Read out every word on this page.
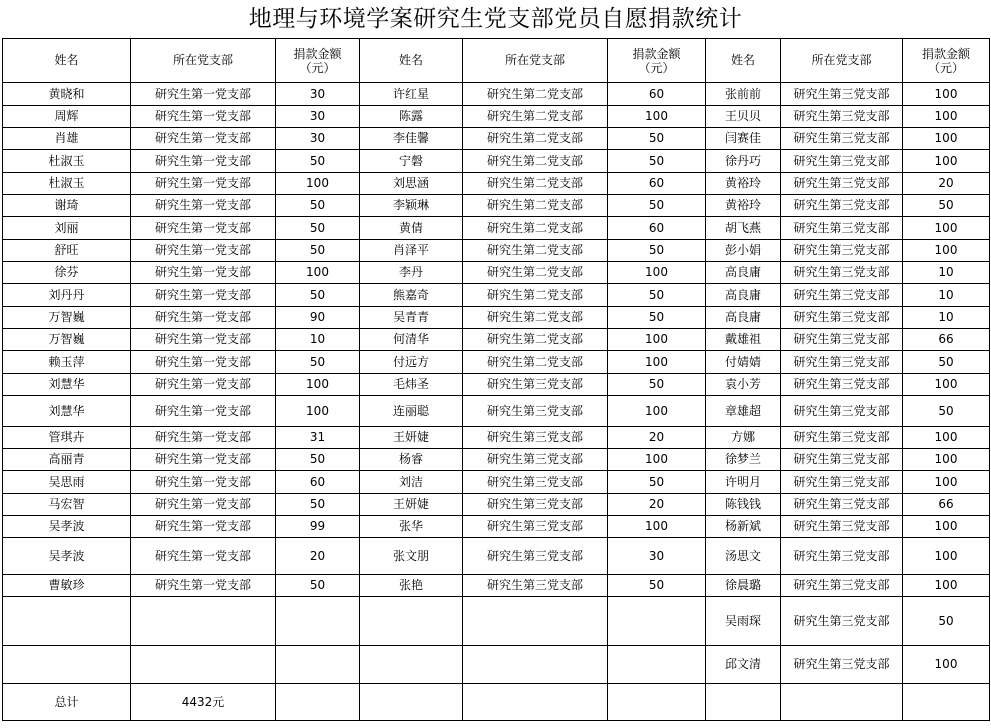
地理与环境学案研究生党支部党员自愿捐款统计
姓名	所在党支部	捐款金额（元）	姓名	所在党支部	捐款金额（元）	姓名	所在党支部	捐款金额（元）
黄晓和	研究生第一党支部	30	许红星	研究生第二党支部	60	张前前	研究生第三党支部	100
周辉	研究生第一党支部	30	陈露	研究生第二党支部	100	王贝贝	研究生第三党支部	100
肖雄	研究生第一党支部	30	李佳馨	研究生第二党支部	50	闫赛佳	研究生第三党支部	100
杜淑玉	研究生第一党支部	50	宁磐	研究生第二党支部	50	徐丹巧	研究生第三党支部	100
杜淑玉	研究生第一党支部	100	刘思涵	研究生第二党支部	60	黄裕玲	研究生第三党支部	20
谢琦	研究生第一党支部	50	李颖琳	研究生第二党支部	50	黄裕玲	研究生第三党支部	50
刘丽	研究生第一党支部	50	黄倩	研究生第二党支部	60	胡飞燕	研究生第三党支部	100
舒旺	研究生第一党支部	50	肖泽平	研究生第二党支部	50	彭小娟	研究生第三党支部	100
徐芬	研究生第一党支部	100	李丹	研究生第二党支部	100	高良庸	研究生第三党支部	10
刘丹丹	研究生第一党支部	50	熊嘉奇	研究生第二党支部	50	高良庸	研究生第三党支部	10
万智巍	研究生第一党支部	90	吴青青	研究生第二党支部	50	高良庸	研究生第三党支部	10
万智巍	研究生第一党支部	10	何清华	研究生第二党支部	100	戴雄祖	研究生第三党支部	66
赖玉萍	研究生第一党支部	50	付远方	研究生第二党支部	100	付婧婧	研究生第三党支部	50
刘慧华	研究生第一党支部	100	毛炜圣	研究生第三党支部	50	袁小芳	研究生第三党支部	100
刘慧华	研究生第一党支部	100	连丽聪	研究生第三党支部	100	章雄超	研究生第三党支部	50
管琪卉	研究生第一党支部	31	王妍婕	研究生第三党支部	20	方娜	研究生第三党支部	100
高丽青	研究生第一党支部	50	杨睿	研究生第三党支部	100	徐梦兰	研究生第三党支部	100
吴思雨	研究生第一党支部	60	刘洁	研究生第三党支部	50	许明月	研究生第三党支部	100
马宏智	研究生第一党支部	50	王妍婕	研究生第三党支部	20	陈钱钱	研究生第三党支部	66
吴孝波	研究生第一党支部	99	张华	研究生第三党支部	100	杨新斌	研究生第三党支部	100
吴孝波	研究生第一党支部	20	张文朋	研究生第三党支部	30	汤思文	研究生第三党支部	100
曹敏珍	研究生第一党支部	50	张艳	研究生第三党支部	50	徐晨璐	研究生第三党支部	100
						吴雨琛	研究生第三党支部	50
						邱文清	研究生第三党支部	100
总计	4432元							
